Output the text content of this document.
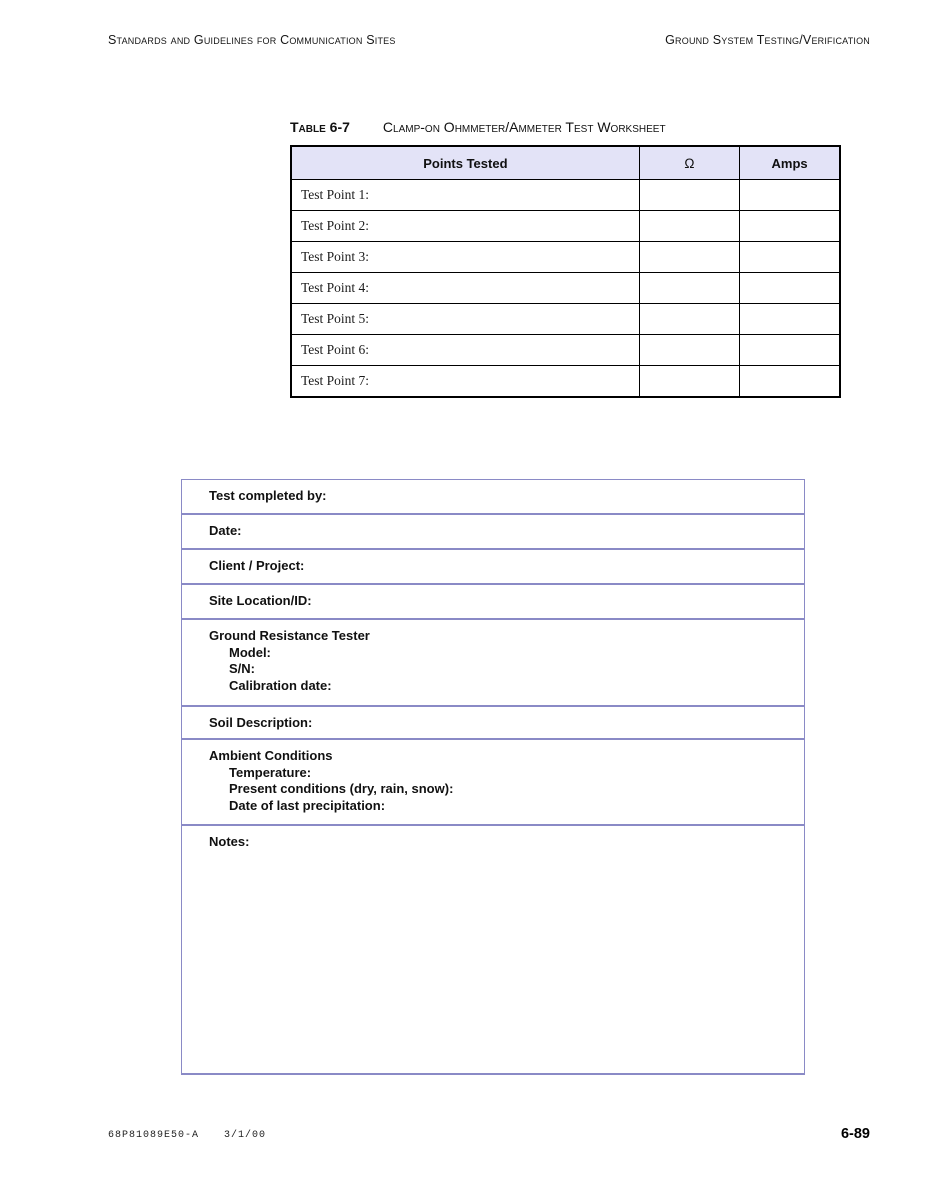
Standards and Guidelines for Communication Sites	Ground System Testing/Verification
Table 6-7 Clamp-on Ohmmeter/Ammeter Test Worksheet
Points Tested	Ω	Amps
Test Point 1:		
Test Point 2:		
Test Point 3:		
Test Point 4:		
Test Point 5:		
Test Point 6:		
Test Point 7:		
Test completed by:
Date:
Client / Project:
Site Location/ID:
Ground Resistance Tester
Model:
S/N:
Calibration date:
Soil Description:
Ambient Conditions
Temperature:
Present conditions (dry, rain, snow):
Date of last precipitation:
Notes:
68P81089E50-A	3/1/00	6-89
